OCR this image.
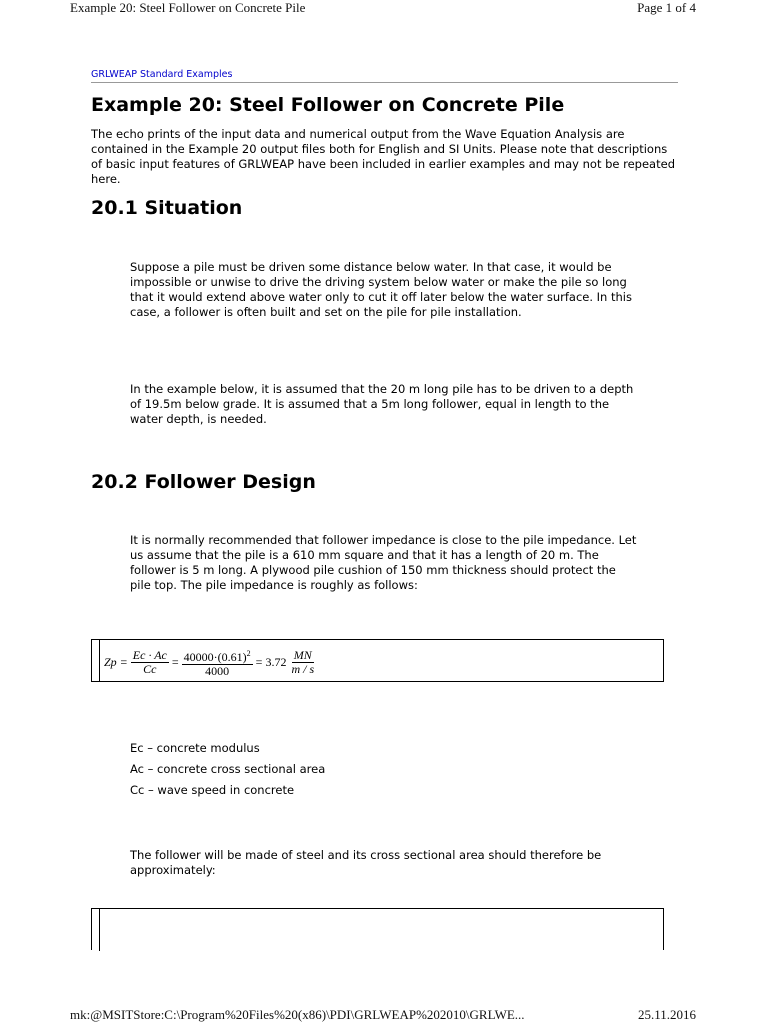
Example 20: Steel Follower on Concrete Pile	Page 1 of 4
GRLWEAP Standard Examples
Example 20: Steel Follower on Concrete Pile

The echo prints of the input data and numerical output from the Wave Equation Analysis are contained in the Example 20 output files both for English and SI Units. Please note that descriptions of basic input features of GRLWEAP have been included in earlier examples and may not be repeated here.

20.1 Situation

Suppose a pile must be driven some distance below water. In that case, it would be impossible or unwise to drive the driving system below water or make the pile so long that it would extend above water only to cut it off later below the water surface. In this case, a follower is often built and set on the pile for pile installation.

In the example below, it is assumed that the 20 m long pile has to be driven to a depth of 19.5m below grade. It is assumed that a 5m long follower, equal in length to the water depth, is needed.

20.2 Follower Design

It is normally recommended that follower impedance is close to the pile impedance. Let us assume that the pile is a 610 mm square and that it has a length of 20 m. The follower is 5 m long. A plywood pile cushion of 150 mm thickness should protect the pile top. The pile impedance is roughly as follows:

$Zp = \frac{Ec \cdot Ac}{Cc} = \frac{40000\cdot(0.61)^2}{4000} = 3.72 \frac{MN}{m / s}$
Ec – concrete modulus
Ac – concrete cross sectional area
Cc – wave speed in concrete

The follower will be made of steel and its cross sectional area should therefore be approximately:

mk:@MSITStore:C:\Program%20Files%20(x86)\PDI\GRLWEAP%202010\GRLWE...	25.11.2016
